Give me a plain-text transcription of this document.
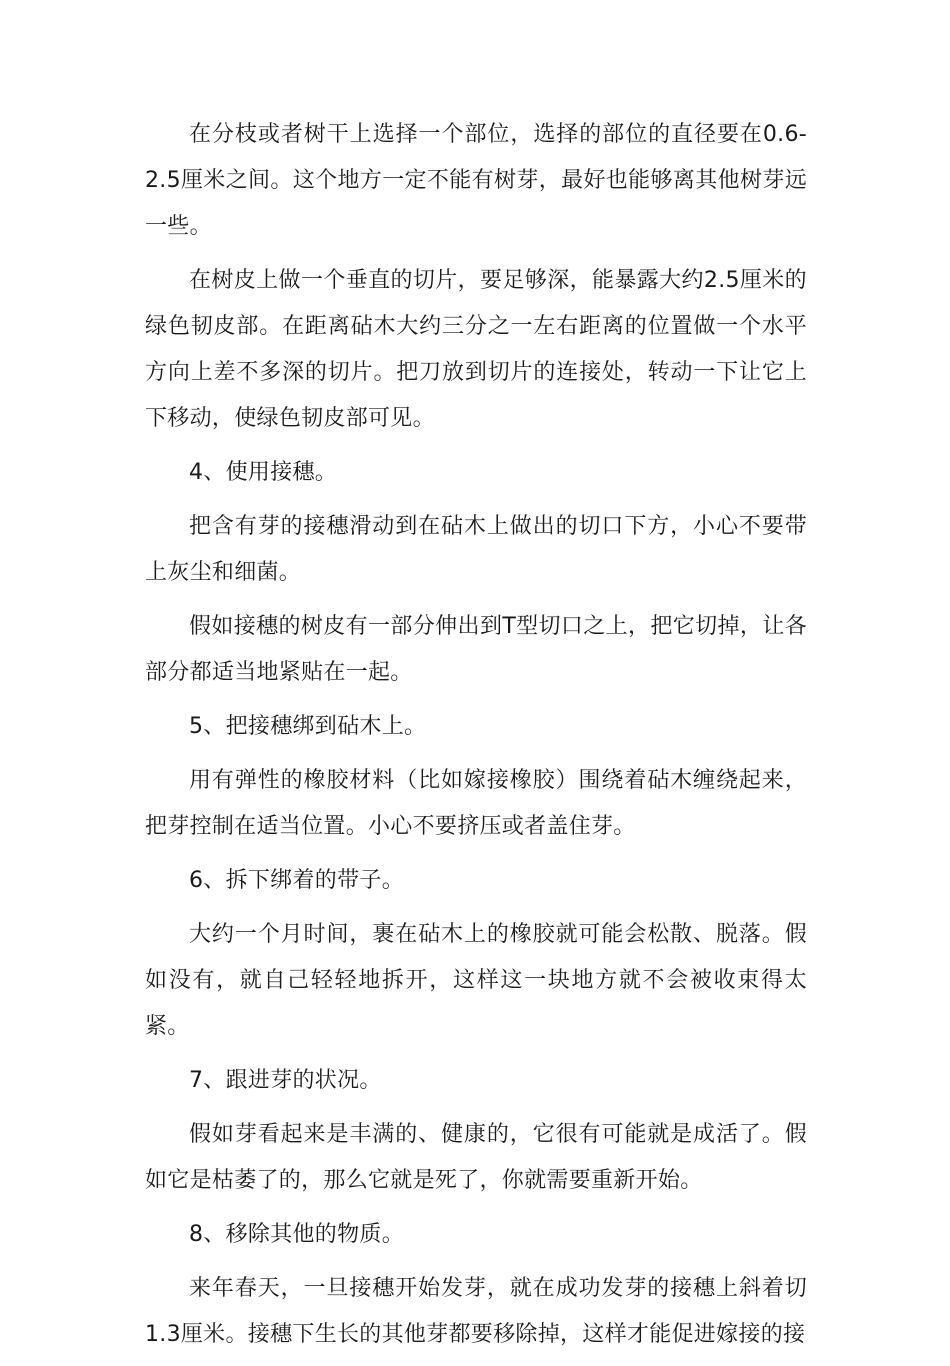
在分枝或者树干上选择一个部位，选择的部位的直径要在0.6-2.5厘米之间。这个地方一定不能有树芽，最好也能够离其他树芽远一些。

在树皮上做一个垂直的切片，要足够深，能暴露大约2.5厘米的绿色韧皮部。在距离砧木大约三分之一左右距离的位置做一个水平方向上差不多深的切片。把刀放到切片的连接处，转动一下让它上下移动，使绿色韧皮部可见。

4、使用接穗。

把含有芽的接穗滑动到在砧木上做出的切口下方，小心不要带上灰尘和细菌。

假如接穗的树皮有一部分伸出到T型切口之上，把它切掉，让各部分都适当地紧贴在一起。

5、把接穗绑到砧木上。

用有弹性的橡胶材料（比如嫁接橡胶）围绕着砧木缠绕起来，把芽控制在适当位置。小心不要挤压或者盖住芽。

6、拆下绑着的带子。

大约一个月时间，裹在砧木上的橡胶就可能会松散、脱落。假如没有，就自己轻轻地拆开，这样这一块地方就不会被收束得太紧。

7、跟进芽的状况。

假如芽看起来是丰满的、健康的，它很有可能就是成活了。假如它是枯萎了的，那么它就是死了，你就需要重新开始。

8、移除其他的物质。

来年春天，一旦接穗开始发芽，就在成功发芽的接穗上斜着切1.3厘米。接穗下生长的其他芽都要移除掉，这样才能促进嫁接的接
